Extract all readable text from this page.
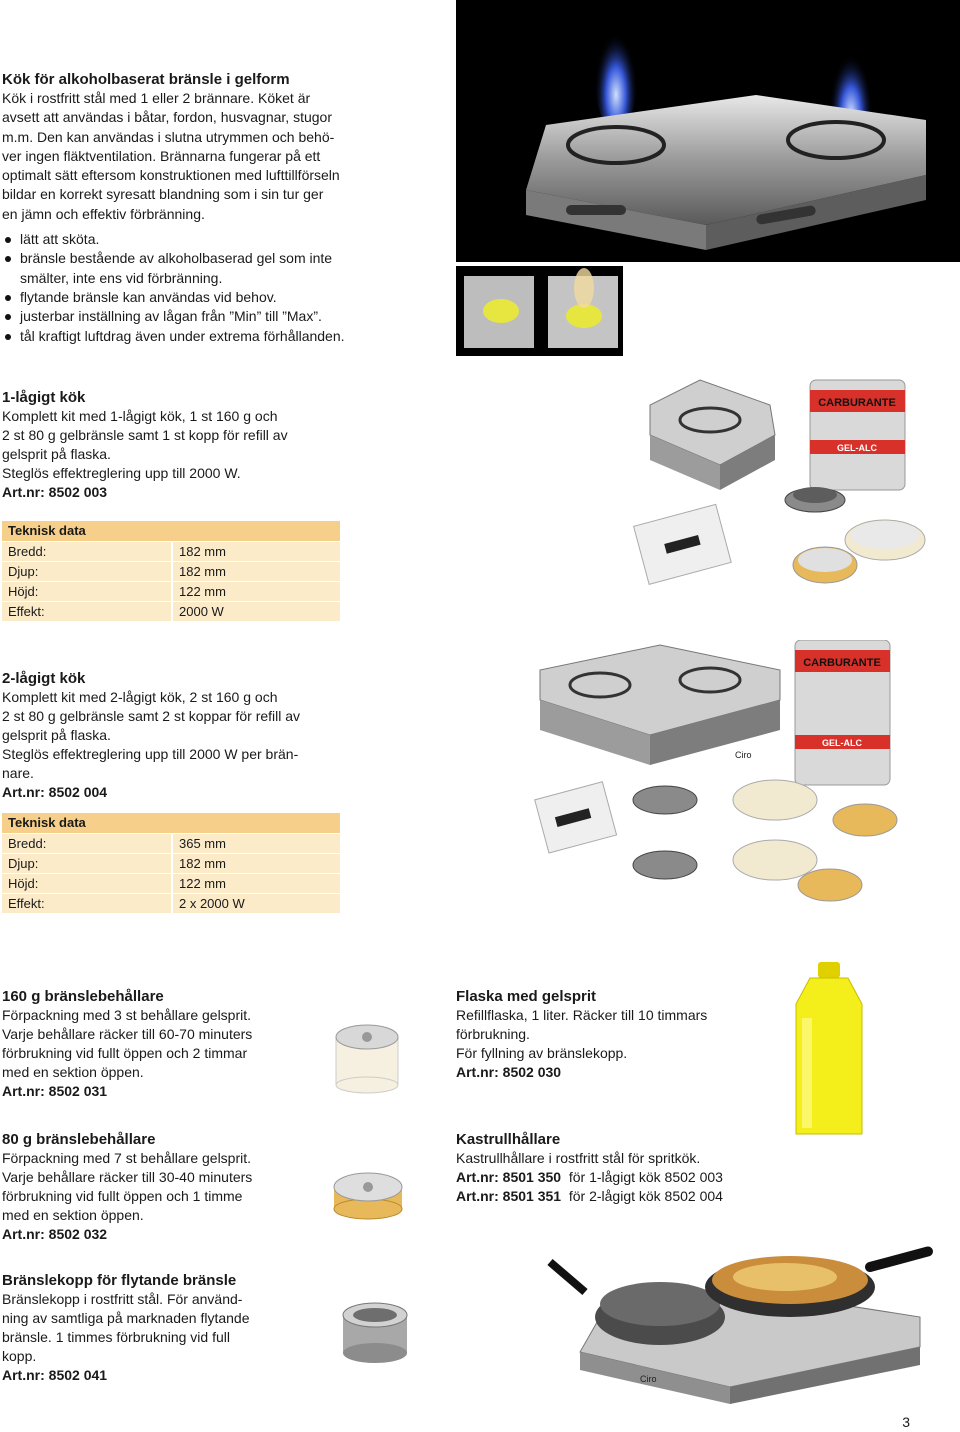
Kök för alkoholbaserat bränsle i gelform
Kök i rostfritt stål med 1 eller 2 brännare. Köket är
avsett att användas i båtar, fordon, husvagnar, stugor
m.m. Den kan användas i slutna utrymmen och behö-
ver ingen fläktventilation. Brännarna fungerar på ett
optimalt sätt eftersom konstruktionen med lufttillförseln
bildar en korrekt syresatt blandning som i sin tur ger
en jämn och effektiv förbränning.
lätt att sköta.
bränsle bestående av alkoholbaserad gel som inte smälter, inte ens vid förbränning.
flytande bränsle kan användas vid behov.
justerbar inställning av lågan från ”Min” till ”Max”.
tål kraftigt luftdrag även under extrema förhållanden.
1-lågigt kök
Komplett kit med 1-lågigt kök, 1 st 160 g och
2 st 80 g gelbränsle samt 1 st kopp för refill av
gelsprit på flaska.
Steglös effektreglering upp till 2000 W.
Art.nr: 8502 003
Teknisk data	
Bredd:	182 mm
Djup:	182 mm
Höjd:	122 mm
Effekt:	2000 W
CARBURANTE
GEL-ALC
2-lågigt kök
Komplett kit med 2-lågigt kök, 2 st 160 g och
2 st 80 g gelbränsle samt 2 st koppar för refill av
gelsprit på flaska.
Steglös effektreglering upp till 2000 W per brän-
nare.
Art.nr: 8502 004
Teknisk data	
Bredd:	365 mm
Djup:	182 mm
Höjd:	122 mm
Effekt:	2 x 2000 W
CARBURANTE
GEL-ALC
Ciro
160 g bränslebehållare
Förpackning med 3 st behållare gelsprit.
Varje behållare räcker till 60-70 minuters
förbrukning vid fullt öppen och 2 timmar
med en sektion öppen.
Art.nr: 8502 031
80 g bränslebehållare
Förpackning med 7 st behållare gelsprit.
Varje behållare räcker till 30-40 minuters
förbrukning vid fullt öppen och 1 timme
med en sektion öppen.
Art.nr: 8502 032
Bränslekopp för flytande bränsle
Bränslekopp i rostfritt stål. För använd-
ning av samtliga på marknaden flytande
bränsle. 1 timmes förbrukning vid full
kopp.
Art.nr: 8502 041
Flaska med gelsprit
Refillflaska, 1 liter. Räcker till 10 timmars
förbrukning.
För fyllning av bränslekopp.
Art.nr: 8502 030
Kastrullhållare
Kastrullhållare i rostfritt stål för spritkök.
Art.nr: 8501 350 för 1-lågigt kök 8502 003
Art.nr: 8501 351 för 2-lågigt kök 8502 004
Ciro
3
